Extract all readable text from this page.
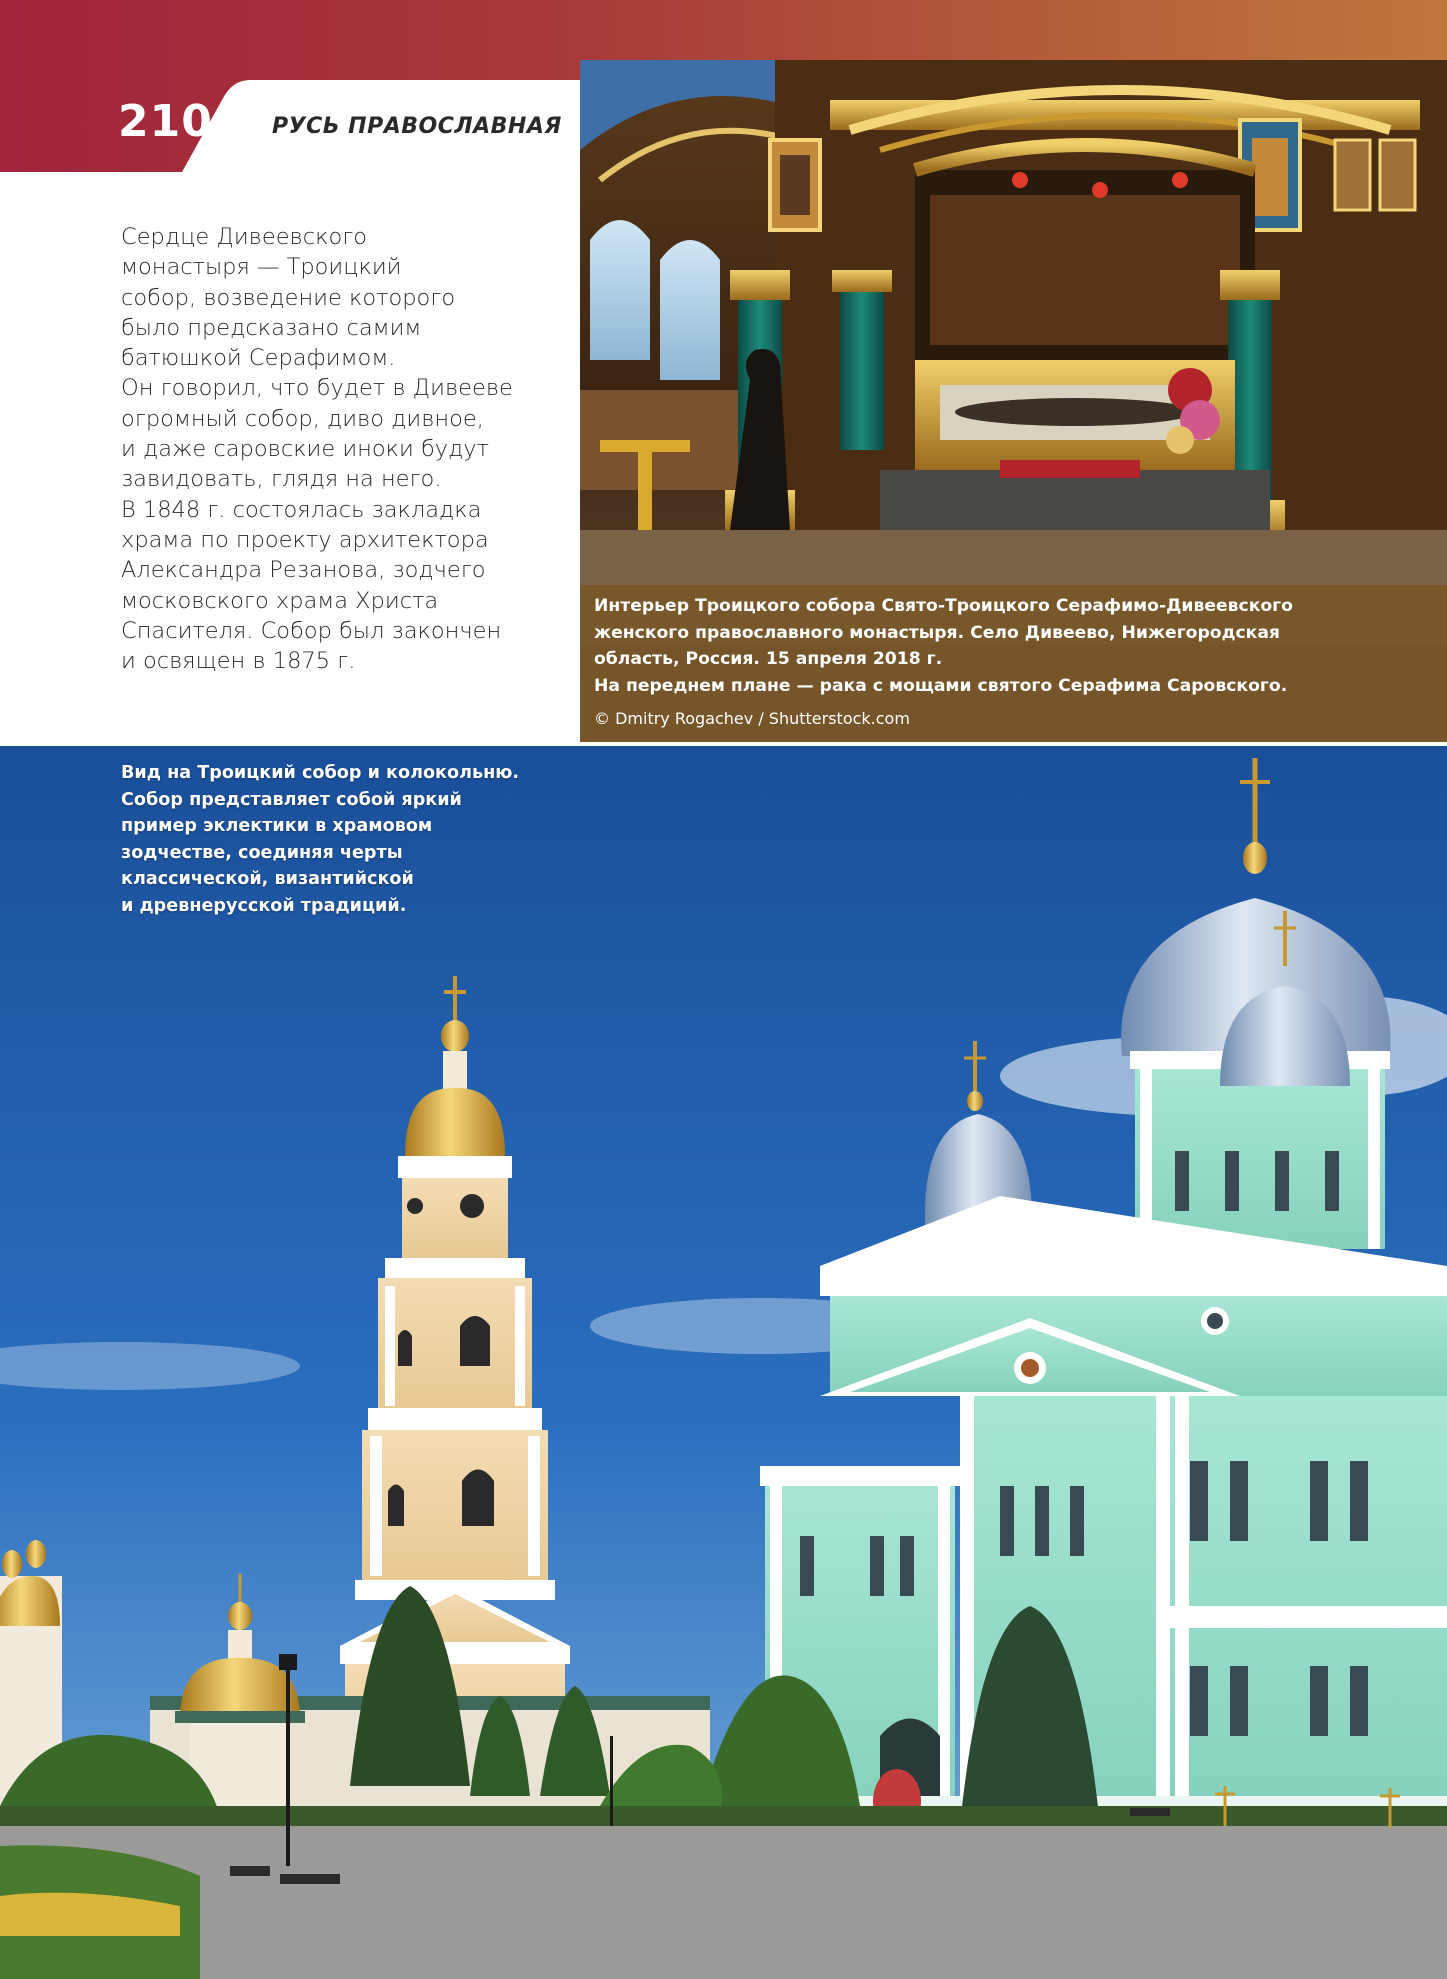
210	РУСЬ ПРАВОСЛАВНАЯ
Сердце Дивеевского
монастыря — Троицкий
собор, возведение которого
было предсказано самим
батюшкой Серафимом.
Он говорил, что будет в Дивееве
огромный собор, диво дивное,
и даже саровские иноки будут
завидовать, глядя на него.
В 1848 г. состоялась закладка
храма по проекту архитектора
Александра Резанова, зодчего
московского храма Христа
Спасителя. Собор был закончен
и освящен в 1875 г.
Интерьер Троицкого собора Свято-Троицкого Серафимо-Дивеевского
женского православного монастыря. Село Дивеево, Нижегородская
область, Россия. 15 апреля 2018 г.
На переднем плане — рака с мощами святого Серафима Саровского.
© Dmitry Rogachev / Shutterstock.com
Вид на Троицкий собор и колокольню.
Собор представляет собой яркий
пример эклектики в храмовом
зодчестве, соединяя черты
классической, византийской
и древнерусской традиций.
